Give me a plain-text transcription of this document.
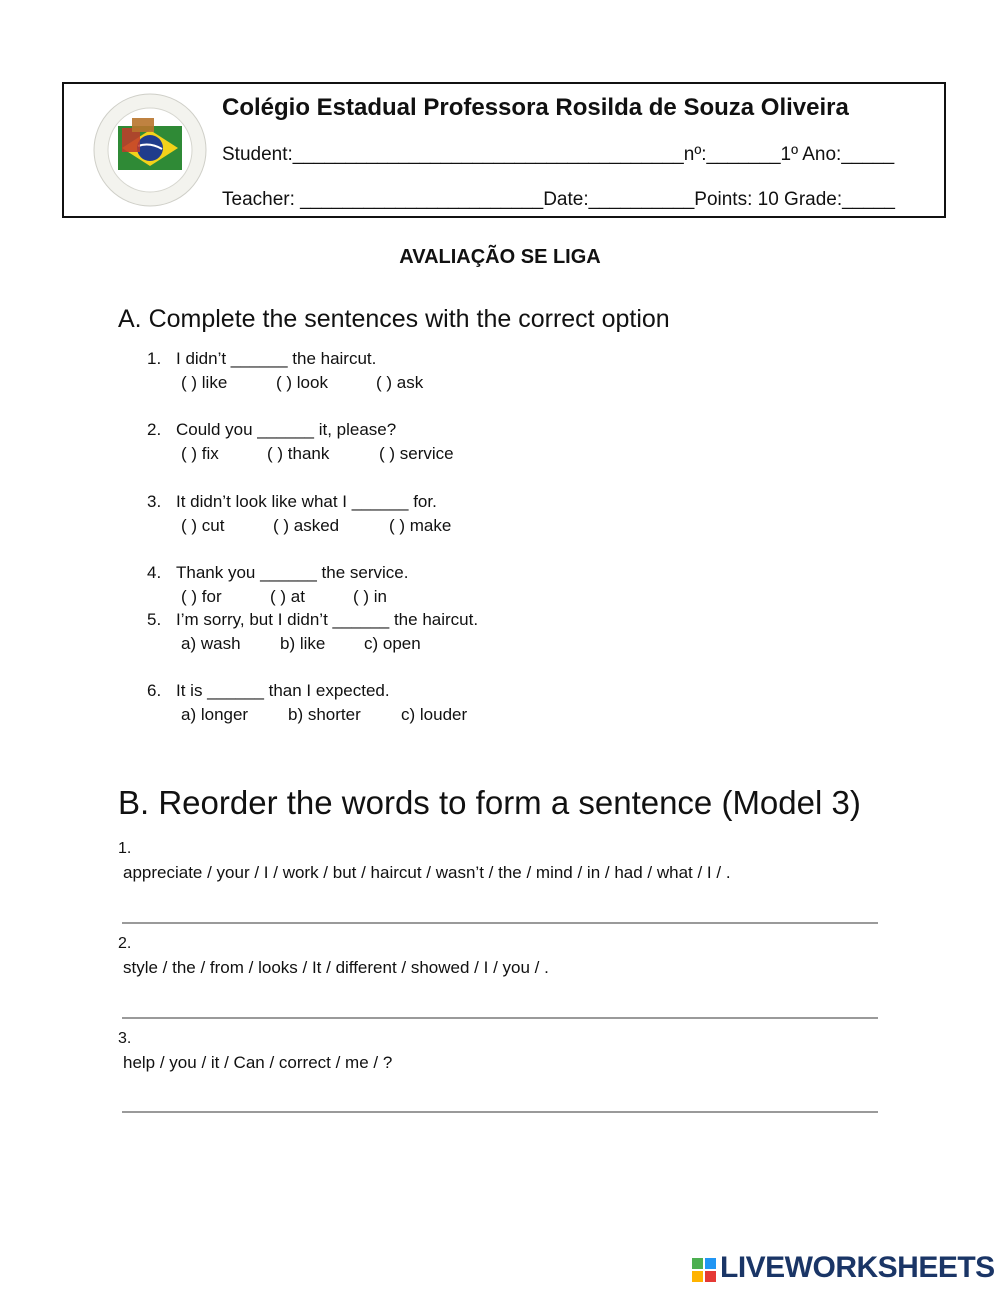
Colégio Estadual Professora Rosilda de Souza Oliveira
Student:_____________________________________nº:_______1º Ano:_____
Teacher: _______________________Date:__________Points: 10 Grade:_____
AVALIAÇÃO SE LIGA
A. Complete the sentences with the correct option
1. I didn’t ______ the haircut.
( ) like	( ) look	( ) ask
2. Could you ______ it, please?
( ) fix	( ) thank	( ) service
3. It didn’t look like what I ______ for.
( ) cut	( ) asked	( ) make
4. Thank you ______ the service.
( ) for	( ) at	( ) in
5. I’m sorry, but I didn’t ______ the haircut.
a) wash b) like c) open
6. It is ______ than I expected.
a) longer b) shorter c) louder
B. Reorder the words to form a sentence (Model 3)
1.
appreciate / your / I / work / but / haircut / wasn’t / the / mind / in / had / what / I / .
2.
style / the / from / looks / It / different / showed / I / you / .
3.
help / you / it / Can / correct / me / ?
LIVEWORKSHEETS
